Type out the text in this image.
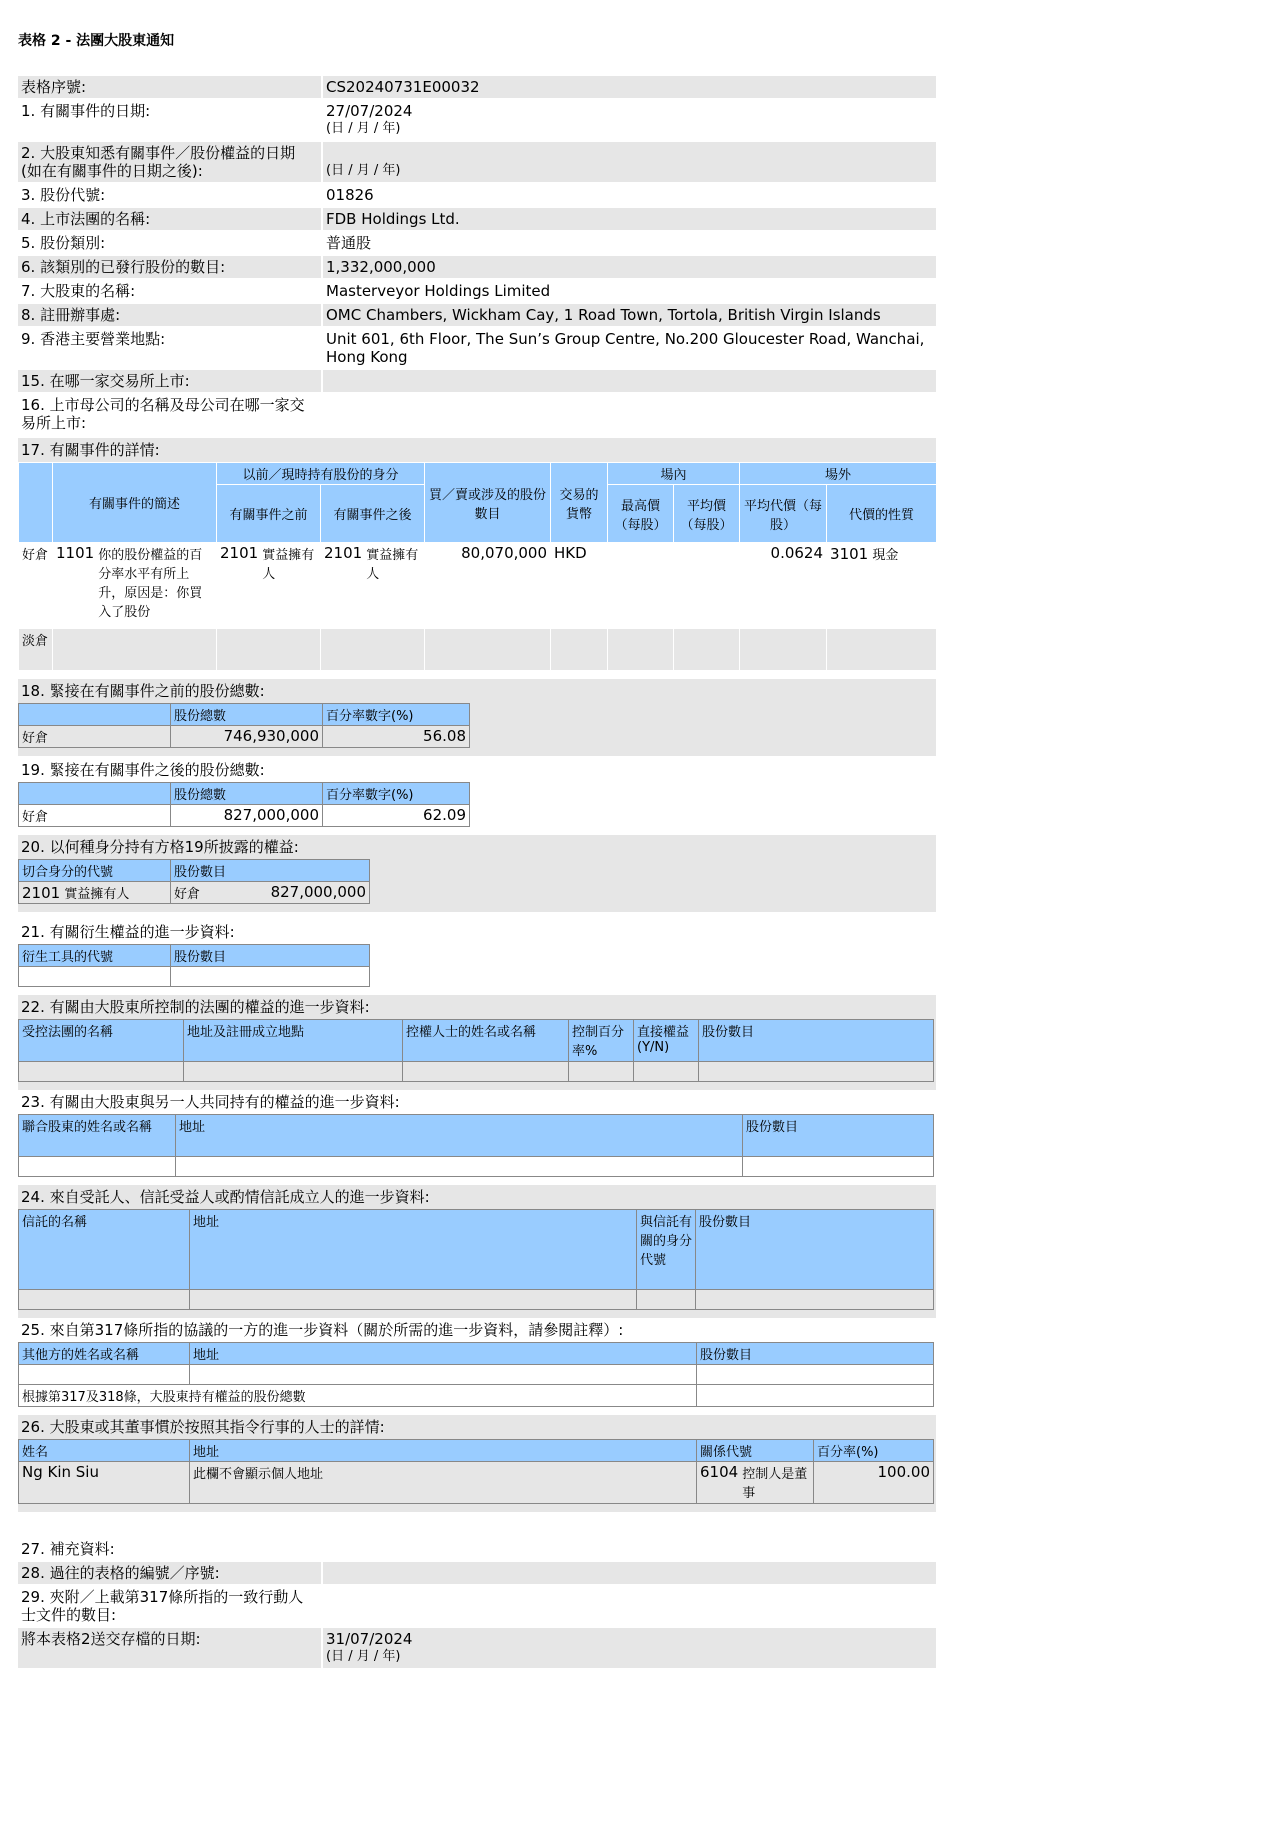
表格 2 - 法團大股東通知
表格序號:	CS20240731E00032
1. 有關事件的日期:	27/07/2024
(日 / 月 / 年)
2. 大股東知悉有關事件／股份權益的日期 (如在有關事件的日期之後):	(日 / 月 / 年)
3. 股份代號:	01826
4. 上市法團的名稱:	FDB Holdings Ltd.
5. 股份類別:	普通股
6. 該類別的已發行股份的數目:	1,332,000,000
7. 大股東的名稱:	Masterveyor Holdings Limited
8. 註冊辦事處:	OMC Chambers, Wickham Cay, 1 Road Town, Tortola, British Virgin Islands
9. 香港主要營業地點:	Unit 601, 6th Floor, The Sun’s Group Centre, No.200 Gloucester Road, Wanchai, Hong Kong
15. 在哪一家交易所上市:
16. 上市母公司的名稱及母公司在哪一家交易所上市:
17. 有關事件的詳情:
	有關事件的簡述	以前／現時持有股份的身分		買／賣或涉及的股份數目	交易的貨幣	場內		場外	
		有關事件之前	有關事件之後			最高價（每股）	平均價（每股）	平均代價（每股）	代價的性質
好倉	1101 你的股份權益的百分率水平有所上升，原因是：你買入了股份	2101 實益擁有人	2101 實益擁有人	80,070,000	HKD			0.0624	3101 現金
淡倉									
18. 緊接在有關事件之前的股份總數:
	股份總數	百分率數字(%)
好倉	746,930,000	56.08
19. 緊接在有關事件之後的股份總數:
	股份總數	百分率數字(%)
好倉	827,000,000	62.09
20. 以何種身分持有方格19所披露的權益:
切合身分的代號	股份數目
2101 實益擁有人	好倉 827,000,000
21. 有關衍生權益的進一步資料:
衍生工具的代號	股份數目

22. 有關由大股東所控制的法團的權益的進一步資料:
受控法團的名稱	地址及註冊成立地點	控權人士的姓名或名稱	控制百分率%	直接權益(Y/N)	股份數目

23. 有關由大股東與另一人共同持有的權益的進一步資料:
聯合股東的姓名或名稱	地址	股份數目

24. 來自受託人、信託受益人或酌情信託成立人的進一步資料:
信託的名稱	地址	與信託有關的身分代號	股份數目

25. 來自第317條所指的協議的一方的進一步資料（關於所需的進一步資料，請參閱註釋）:
其他方的姓名或名稱	地址	股份數目

根據第317及318條，大股東持有權益的股份總數		
26. 大股東或其董事慣於按照其指令行事的人士的詳情:
姓名	地址	關係代號	百分率(%)
Ng Kin Siu	此欄不會顯示個人地址	6104 控制人是董事	100.00
27. 補充資料:
28. 過往的表格的編號／序號:
29. 夾附／上載第317條所指的一致行動人士文件的數目:
將本表格2送交存檔的日期:	31/07/2024
(日 / 月 / 年)
